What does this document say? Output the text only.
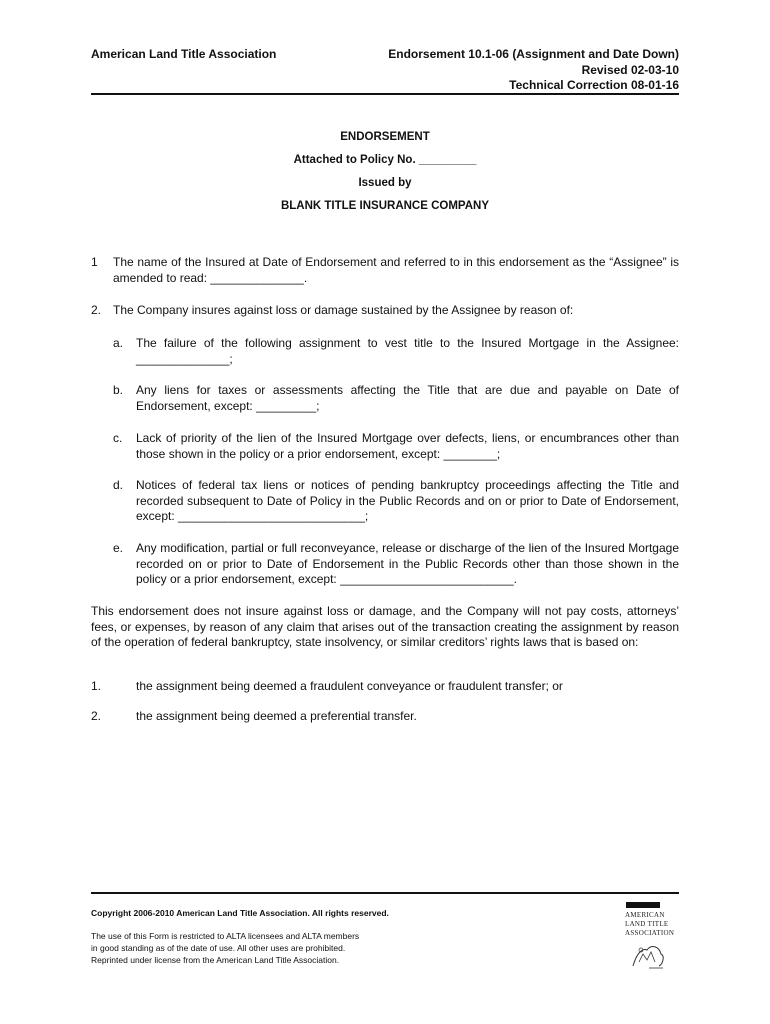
American Land Title Association	Endorsement 10.1-06 (Assignment and Date Down)
Revised 02-03-10
Technical Correction 08-01-16
ENDORSEMENT
Attached to Policy No. _________
Issued by
BLANK TITLE INSURANCE COMPANY
1 The name of the Insured at Date of Endorsement and referred to in this endorsement as the “Assignee” is amended to read: ______________.
2. The Company insures against loss or damage sustained by the Assignee by reason of:
a. The failure of the following assignment to vest title to the Insured Mortgage in the Assignee: ______________;
b. Any liens for taxes or assessments affecting the Title that are due and payable on Date of Endorsement, except: _________;
c. Lack of priority of the lien of the Insured Mortgage over defects, liens, or encumbrances other than those shown in the policy or a prior endorsement, except: ________;
d. Notices of federal tax liens or notices of pending bankruptcy proceedings affecting the Title and recorded subsequent to Date of Policy in the Public Records and on or prior to Date of Endorsement, except: ____________________________;
e. Any modification, partial or full reconveyance, release or discharge of the lien of the Insured Mortgage recorded on or prior to Date of Endorsement in the Public Records other than those shown in the policy or a prior endorsement, except: __________________________.
This endorsement does not insure against loss or damage, and the Company will not pay costs, attorneys’ fees, or expenses, by reason of any claim that arises out of the transaction creating the assignment by reason of the operation of federal bankruptcy, state insolvency, or similar creditors’ rights laws that is based on:
1.	the assignment being deemed a fraudulent conveyance or fraudulent transfer; or
2.	the assignment being deemed a preferential transfer.
Copyright 2006-2010 American Land Title Association. All rights reserved.
The use of this Form is restricted to ALTA licensees and ALTA members
in good standing as of the date of use. All other uses are prohibited.
Reprinted under license from the American Land Title Association.
AMERICAN
LAND TITLE
ASSOCIATION
